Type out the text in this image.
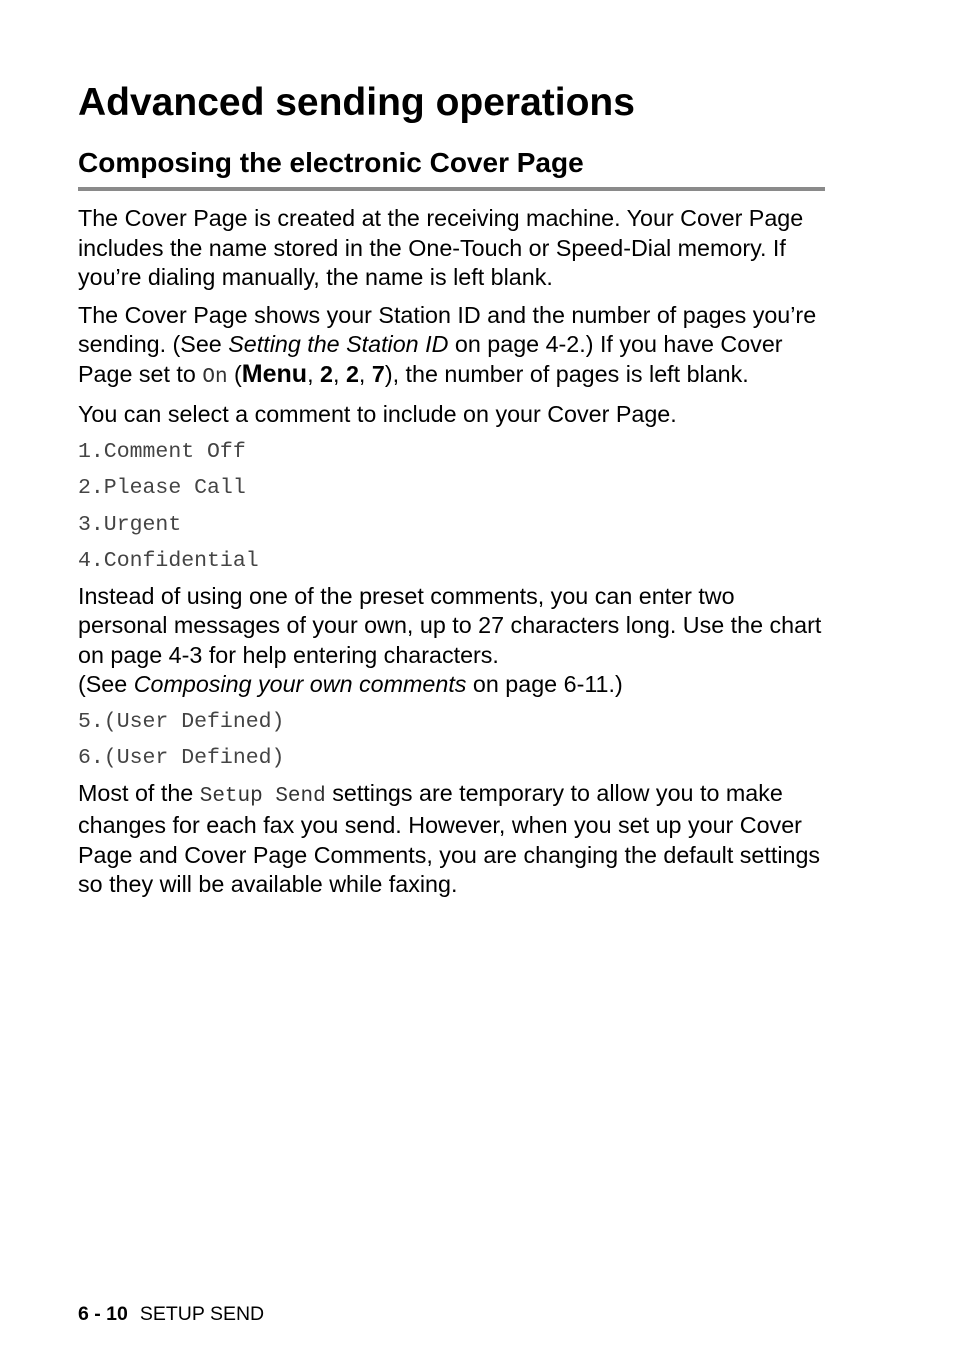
Advanced sending operations
Composing the electronic Cover Page

The Cover Page is created at the receiving machine. Your Cover Page includes the name stored in the One-Touch or Speed-Dial memory. If you’re dialing manually, the name is left blank.

The Cover Page shows your Station ID and the number of pages you’re sending. (See Setting the Station ID on page 4-2.) If you have Cover Page set to On (Menu, 2, 2, 7), the number of pages is left blank.

You can select a comment to include on your Cover Page.

1.Comment Off
2.Please Call
3.Urgent
4.Confidential

Instead of using one of the preset comments, you can enter two personal messages of your own, up to 27 characters long. Use the chart on page 4-3 for help entering characters.
(See Composing your own comments on page 6-11.)

5.(User Defined)
6.(User Defined)

Most of the Setup Send settings are temporary to allow you to make changes for each fax you send. However, when you set up your Cover Page and Cover Page Comments, you are changing the default settings so they will be available while faxing.

6 - 10 SETUP SEND
